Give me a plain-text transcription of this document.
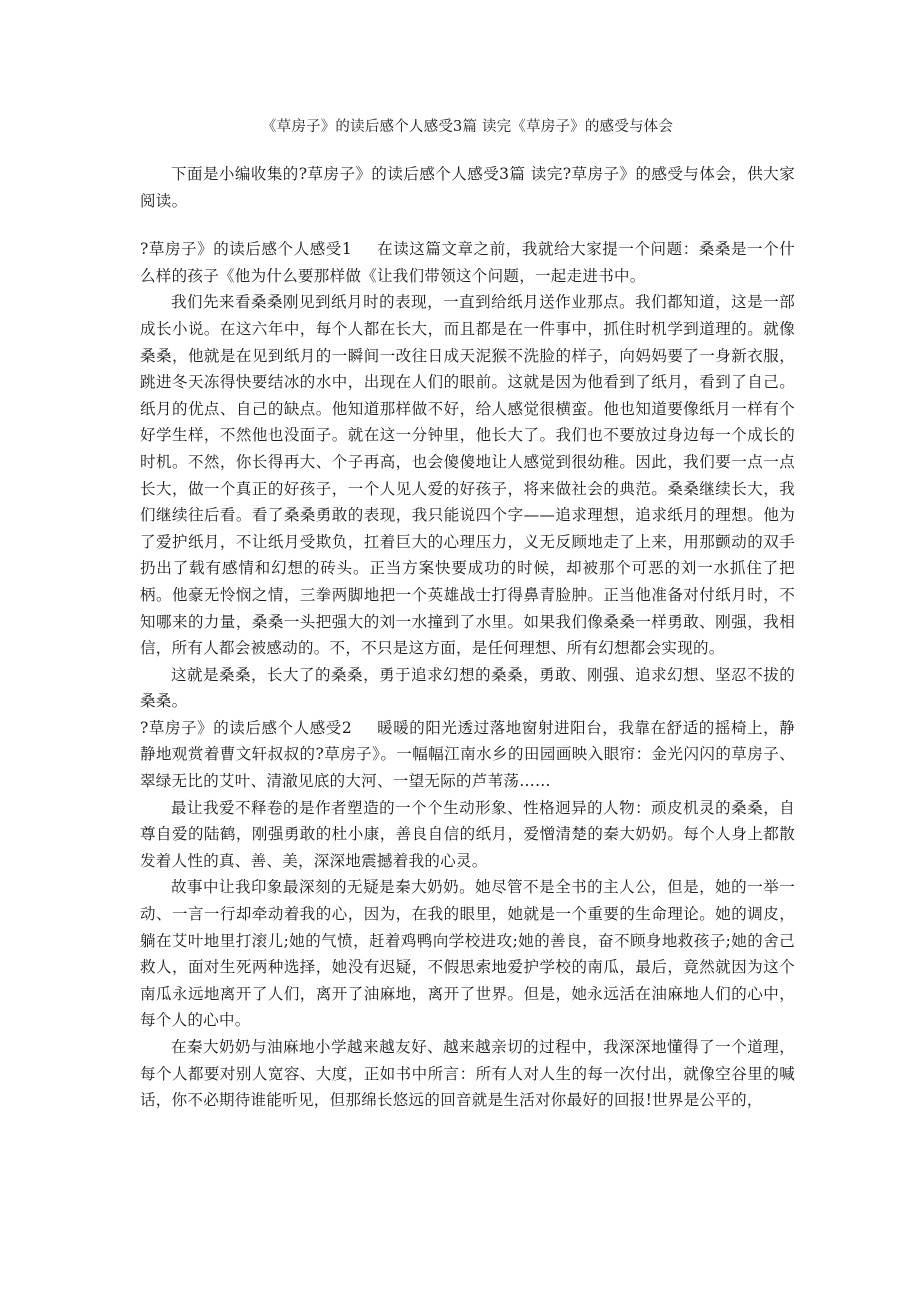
《草房子》的读后感个人感受3篇 读完《草房子》的感受与体会

下面是小编收集的?草房子》的读后感个人感受3篇 读完?草房子》的感受与体会，供大家阅读。

?草房子》的读后感个人感受1 在读这篇文章之前，我就给大家提一个问题：桑桑是一个什么样的孩子《他为什么要那样做《让我们带领这个问题，一起走进书中。

我们先来看桑桑刚见到纸月时的表现，一直到给纸月送作业那点。我们都知道，这是一部成长小说。在这六年中，每个人都在长大，而且都是在一件事中，抓住时机学到道理的。就像桑桑，他就是在见到纸月的一瞬间一改往日成天泥猴不洗脸的样子，向妈妈要了一身新衣服，跳进冬天冻得快要结冰的水中，出现在人们的眼前。这就是因为他看到了纸月，看到了自己。纸月的优点、自己的缺点。他知道那样做不好，给人感觉很横蛮。他也知道要像纸月一样有个好学生样，不然他也没面子。就在这一分钟里，他长大了。我们也不要放过身边每一个成长的时机。不然，你长得再大、个子再高，也会傻傻地让人感觉到很幼稚。因此，我们要一点一点长大，做一个真正的好孩子，一个人见人爱的好孩子，将来做社会的典范。桑桑继续长大，我们继续往后看。看了桑桑勇敢的表现，我只能说四个字——追求理想，追求纸月的理想。他为了爱护纸月，不让纸月受欺负，扛着巨大的心理压力，义无反顾地走了上来，用那颤动的双手扔出了载有感情和幻想的砖头。正当方案快要成功的时候，却被那个可恶的刘一水抓住了把柄。他豪无怜悯之情，三拳两脚地把一个英雄战士打得鼻青脸肿。正当他准备对付纸月时，不知哪来的力量，桑桑一头把强大的刘一水撞到了水里。如果我们像桑桑一样勇敢、刚强，我相信，所有人都会被感动的。不，不只是这方面，是任何理想、所有幻想都会实现的。

这就是桑桑，长大了的桑桑，勇于追求幻想的桑桑，勇敢、刚强、追求幻想、坚忍不拔的桑桑。

?草房子》的读后感个人感受2 暖暖的阳光透过落地窗射进阳台，我靠在舒适的摇椅上，静静地观赏着曹文轩叔叔的?草房子》。一幅幅江南水乡的田园画映入眼帘：金光闪闪的草房子、翠绿无比的艾叶、清澈见底的大河、一望无际的芦苇荡……

最让我爱不释卷的是作者塑造的一个个生动形象、性格迥异的人物：顽皮机灵的桑桑，自尊自爱的陆鹤，刚强勇敢的杜小康，善良自信的纸月，爱憎清楚的秦大奶奶。每个人身上都散发着人性的真、善、美，深深地震撼着我的心灵。

故事中让我印象最深刻的无疑是秦大奶奶。她尽管不是全书的主人公，但是，她的一举一动、一言一行却牵动着我的心，因为，在我的眼里，她就是一个重要的生命理论。她的调皮，躺在艾叶地里打滚儿;她的气愤，赶着鸡鸭向学校进攻;她的善良，奋不顾身地救孩子;她的舍己救人，面对生死两种选择，她没有迟疑，不假思索地爱护学校的南瓜，最后，竟然就因为这个南瓜永远地离开了人们，离开了油麻地，离开了世界。但是，她永远活在油麻地人们的心中，每个人的心中。

在秦大奶奶与油麻地小学越来越友好、越来越亲切的过程中，我深深地懂得了一个道理，每个人都要对别人宽容、大度，正如书中所言：所有人对人生的每一次付出，就像空谷里的喊话，你不必期待谁能听见，但那绵长悠远的回音就是生活对你最好的回报!世界是公平的，
